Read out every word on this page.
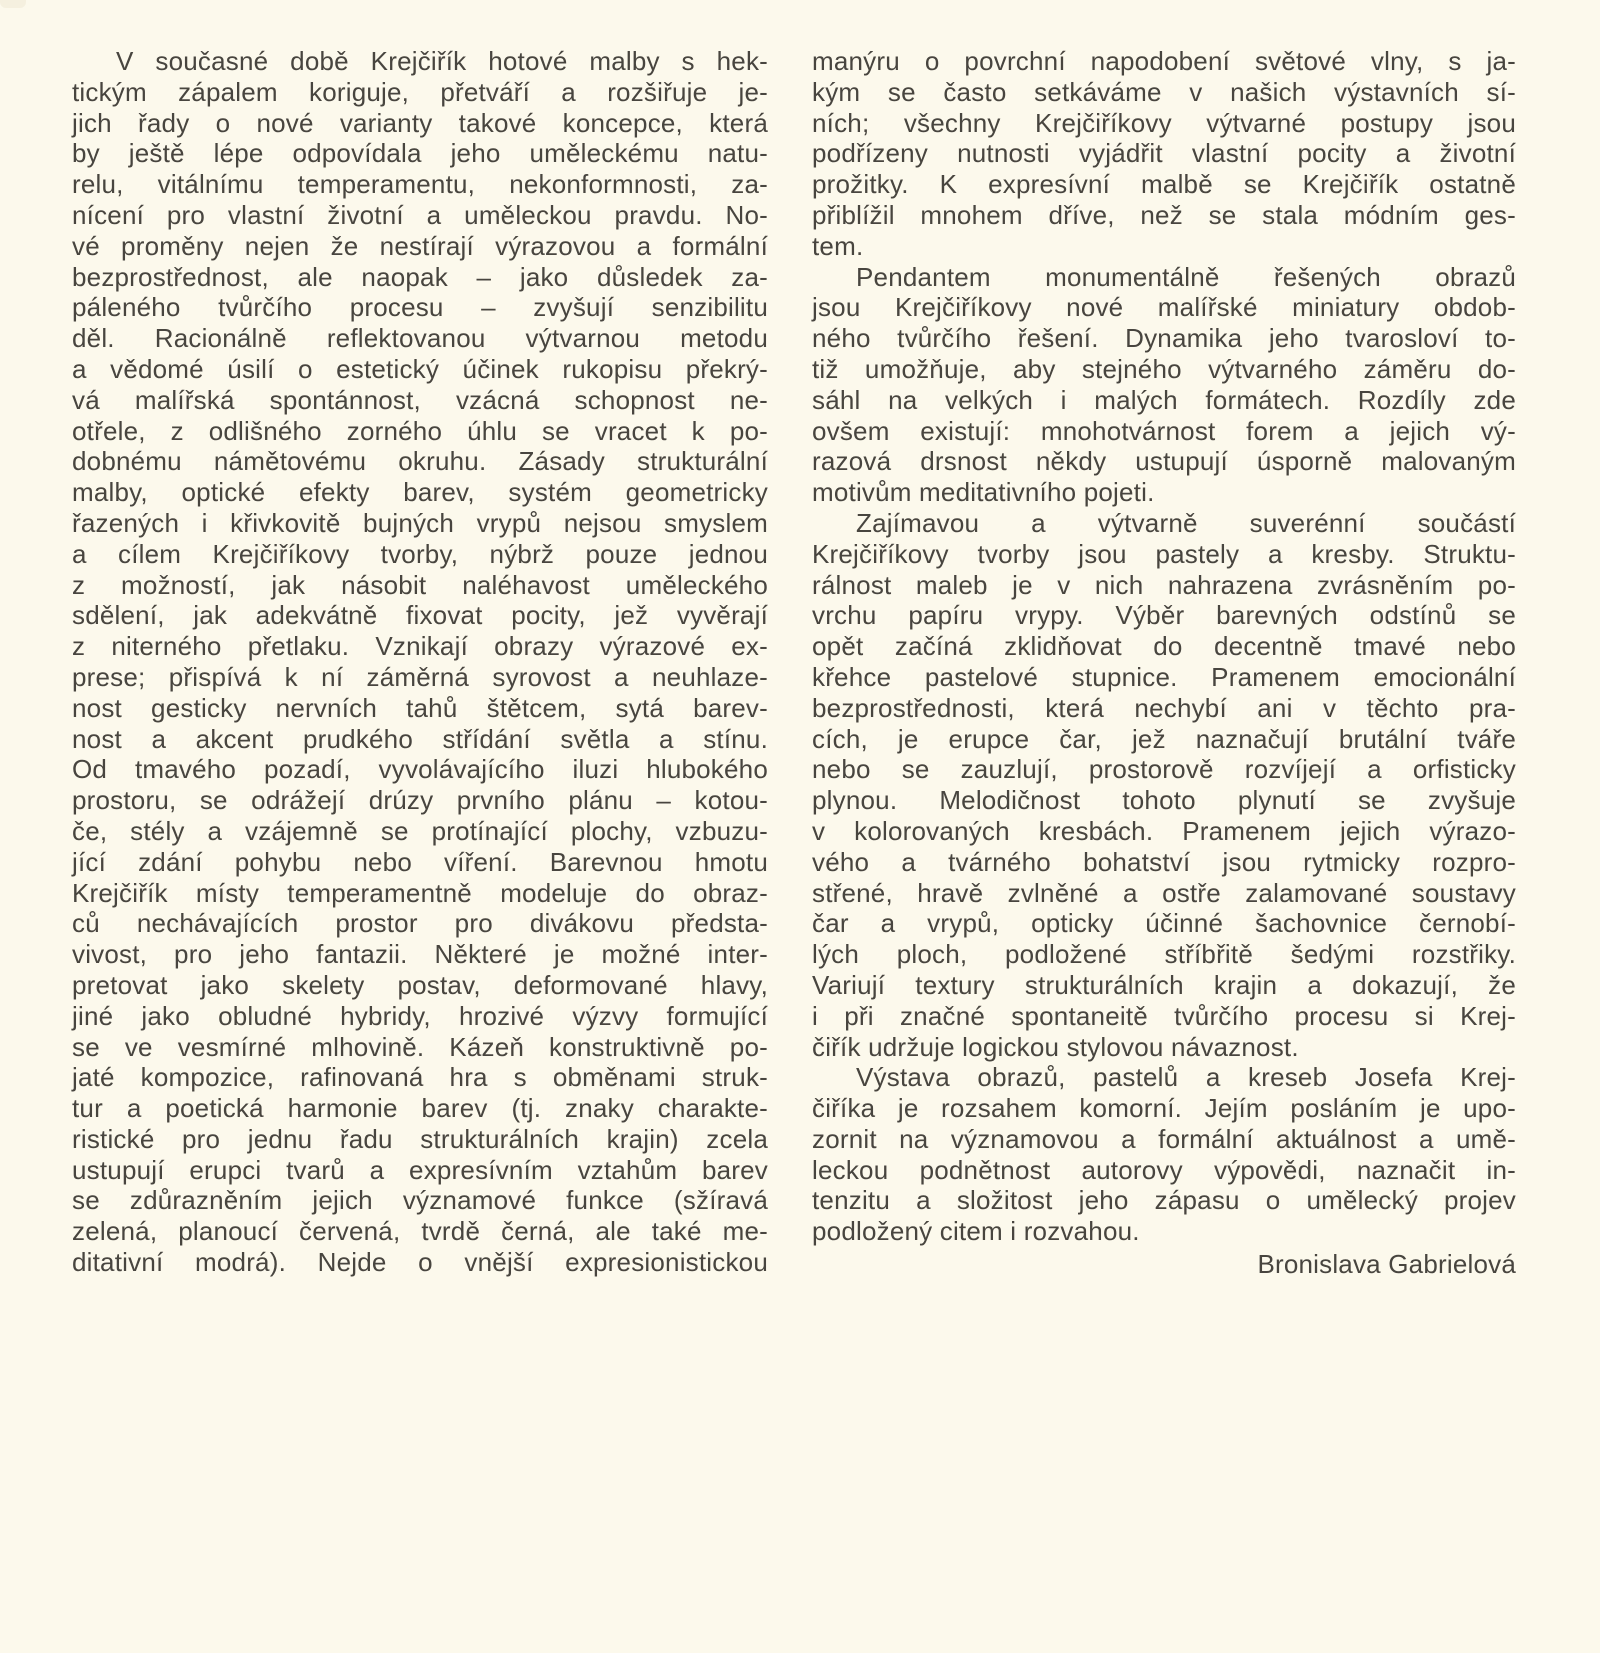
V současné době Krejčiřík hotové malby s hek-
tickým zápalem koriguje, přetváří a rozšiřuje je-
jich řady o nové varianty takové koncepce, která
by ještě lépe odpovídala jeho uměleckému natu-
relu, vitálnímu temperamentu, nekonformnosti, za-
nícení pro vlastní životní a uměleckou pravdu. No-
vé proměny nejen že nestírají výrazovou a formální
bezprostřednost, ale naopak – jako důsledek za-
páleného tvůrčího procesu – zvyšují senzibilitu
děl. Racionálně reflektovanou výtvarnou metodu
a vědomé úsilí o estetický účinek rukopisu překrý-
vá malířská spontánnost, vzácná schopnost ne-
otřele, z odlišného zorného úhlu se vracet k po-
dobnému námětovému okruhu. Zásady strukturální
malby, optické efekty barev, systém geometricky
řazených i křivkovitě bujných vrypů nejsou smyslem
a cílem Krejčiříkovy tvorby, nýbrž pouze jednou
z možností, jak násobit naléhavost uměleckého
sdělení, jak adekvátně fixovat pocity, jež vyvěrají
z niterného přetlaku. Vznikají obrazy výrazové ex-
prese; přispívá k ní záměrná syrovost a neuhlaze-
nost gesticky nervních tahů štětcem, sytá barev-
nost a akcent prudkého střídání světla a stínu.
Od tmavého pozadí, vyvolávajícího iluzi hlubokého
prostoru, se odrážejí drúzy prvního plánu – kotou-
če, stély a vzájemně se protínající plochy, vzbuzu-
jící zdání pohybu nebo víření. Barevnou hmotu
Krejčiřík místy temperamentně modeluje do obraz-
ců nechávajících prostor pro divákovu předsta-
vivost, pro jeho fantazii. Některé je možné inter-
pretovat jako skelety postav, deformované hlavy,
jiné jako obludné hybridy, hrozivé výzvy formující
se ve vesmírné mlhovině. Kázeň konstruktivně po-
jaté kompozice, rafinovaná hra s obměnami struk-
tur a poetická harmonie barev (tj. znaky charakte-
ristické pro jednu řadu strukturálních krajin) zcela
ustupují erupci tvarů a expresívním vztahům barev
se zdůrazněním jejich významové funkce (sžíravá
zelená, planoucí červená, tvrdě černá, ale také me-
ditativní modrá). Nejde o vnější expresionistickou
manýru o povrchní napodobení světové vlny, s ja-
kým se často setkáváme v našich výstavních sí-
ních; všechny Krejčiříkovy výtvarné postupy jsou
podřízeny nutnosti vyjádřit vlastní pocity a životní
prožitky. K expresívní malbě se Krejčiřík ostatně
přiblížil mnohem dříve, než se stala módním ges-
tem.
Pendantem monumentálně řešených obrazů
jsou Krejčiříkovy nové malířské miniatury obdob-
ného tvůrčího řešení. Dynamika jeho tvarosloví to-
tiž umožňuje, aby stejného výtvarného záměru do-
sáhl na velkých i malých formátech. Rozdíly zde
ovšem existují: mnohotvárnost forem a jejich vý-
razová drsnost někdy ustupují úsporně malovaným
motivům meditativního pojeti.
Zajímavou a výtvarně suverénní součástí
Krejčiříkovy tvorby jsou pastely a kresby. Struktu-
rálnost maleb je v nich nahrazena zvrásněním po-
vrchu papíru vrypy. Výběr barevných odstínů se
opět začíná zklidňovat do decentně tmavé nebo
křehce pastelové stupnice. Pramenem emocionální
bezprostřednosti, která nechybí ani v těchto pra-
cích, je erupce čar, jež naznačují brutální tváře
nebo se zauzlují, prostorově rozvíjejí a orfisticky
plynou. Melodičnost tohoto plynutí se zvyšuje
v kolorovaných kresbách. Pramenem jejich výrazo-
vého a tvárného bohatství jsou rytmicky rozpro-
střené, hravě zvlněné a ostře zalamované soustavy
čar a vrypů, opticky účinné šachovnice černobí-
lých ploch, podložené stříbřitě šedými rozstřiky.
Variují textury strukturálních krajin a dokazují, že
i při značné spontaneitě tvůrčího procesu si Krej-
čiřík udržuje logickou stylovou návaznost.
Výstava obrazů, pastelů a kreseb Josefa Krej-
čiříka je rozsahem komorní. Jejím posláním je upo-
zornit na významovou a formální aktuálnost a umě-
leckou podnětnost autorovy výpovědi, naznačit in-
tenzitu a složitost jeho zápasu o umělecký projev
podložený citem i rozvahou.
Bronislava Gabrielová
